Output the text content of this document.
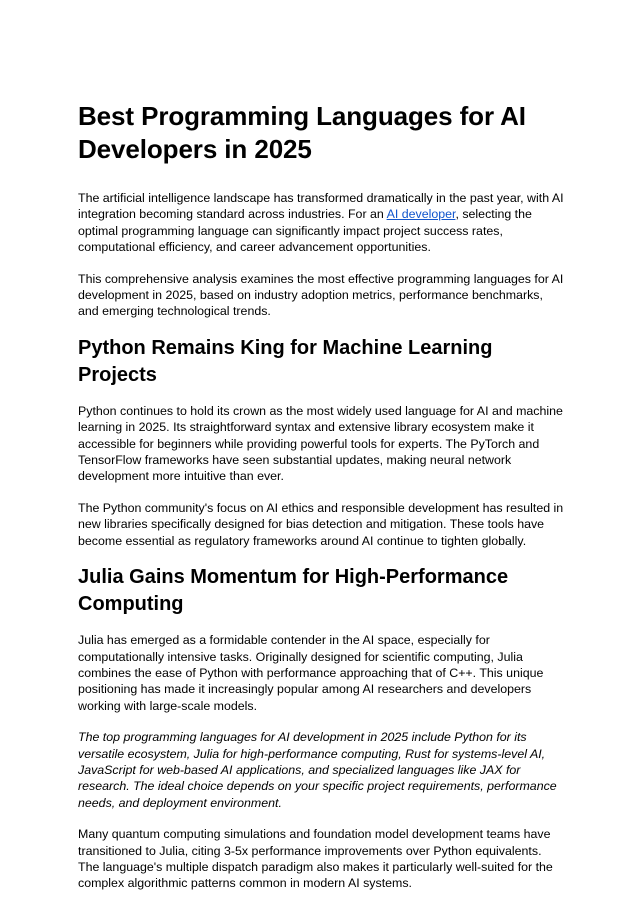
Best Programming Languages for AI Developers in 2025

The artificial intelligence landscape has transformed dramatically in the past year, with AI integration becoming standard across industries. For an AI developer, selecting the optimal programming language can significantly impact project success rates, computational efficiency, and career advancement opportunities.

This comprehensive analysis examines the most effective programming languages for AI development in 2025, based on industry adoption metrics, performance benchmarks, and emerging technological trends.

Python Remains King for Machine Learning Projects

Python continues to hold its crown as the most widely used language for AI and machine learning in 2025. Its straightforward syntax and extensive library ecosystem make it accessible for beginners while providing powerful tools for experts. The PyTorch and TensorFlow frameworks have seen substantial updates, making neural network development more intuitive than ever.

The Python community's focus on AI ethics and responsible development has resulted in new libraries specifically designed for bias detection and mitigation. These tools have become essential as regulatory frameworks around AI continue to tighten globally.

Julia Gains Momentum for High-Performance Computing

Julia has emerged as a formidable contender in the AI space, especially for computationally intensive tasks. Originally designed for scientific computing, Julia combines the ease of Python with performance approaching that of C++. This unique positioning has made it increasingly popular among AI researchers and developers working with large-scale models.

The top programming languages for AI development in 2025 include Python for its versatile ecosystem, Julia for high-performance computing, Rust for systems-level AI, JavaScript for web-based AI applications, and specialized languages like JAX for research. The ideal choice depends on your specific project requirements, performance needs, and deployment environment.

Many quantum computing simulations and foundation model development teams have transitioned to Julia, citing 3-5x performance improvements over Python equivalents. The language's multiple dispatch paradigm also makes it particularly well-suited for the complex algorithmic patterns common in modern AI systems.
